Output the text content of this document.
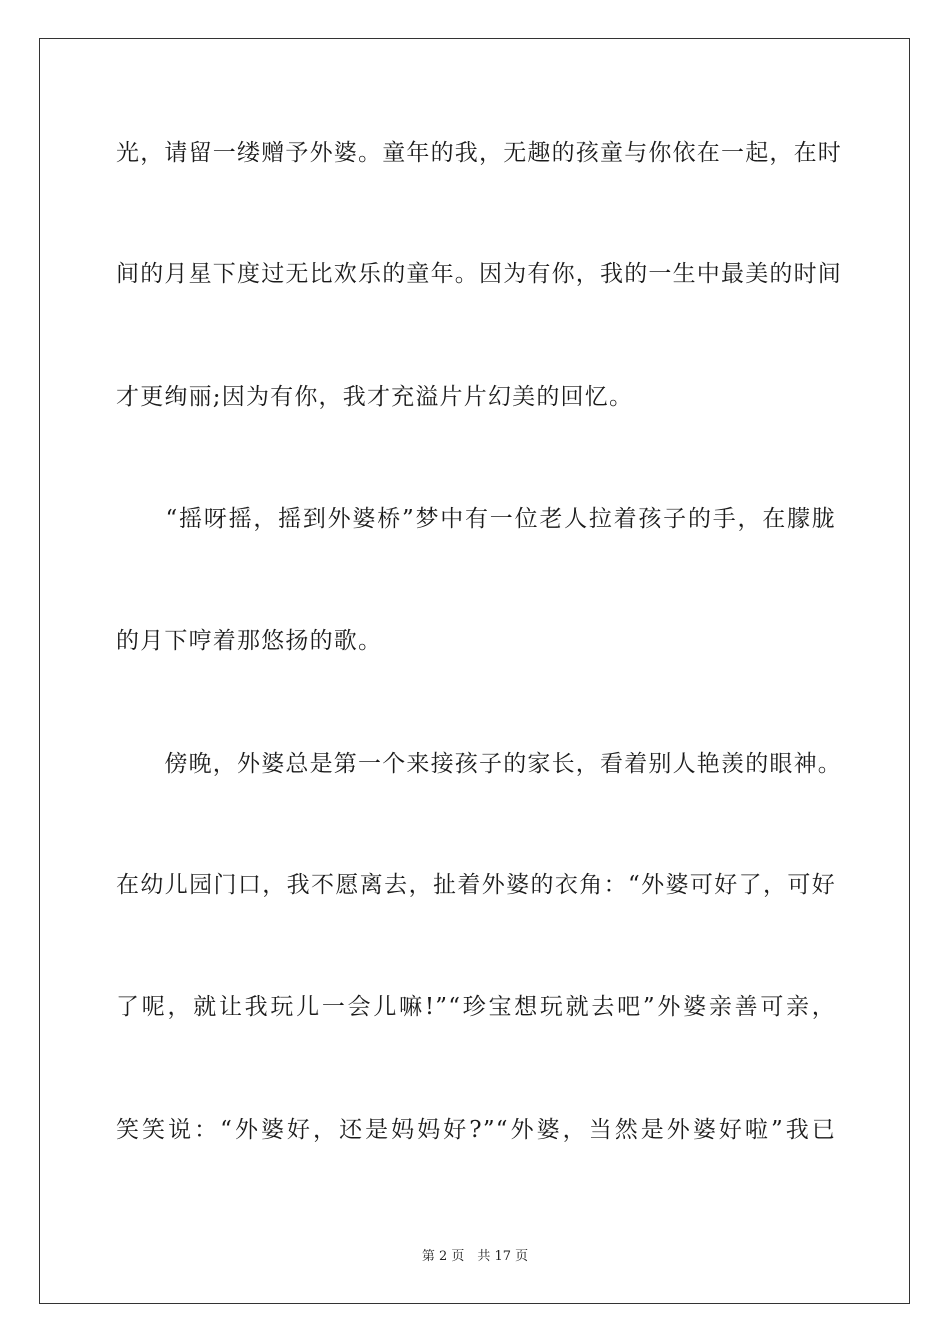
光，请留一缕赠予外婆。童年的我，无趣的孩童与你依在一起，在时
间的月星下度过无比欢乐的童年。因为有你，我的一生中最美的时间
才更绚丽;因为有你，我才充溢片片幻美的回忆。
　　“摇呀摇，摇到外婆桥”梦中有一位老人拉着孩子的手，在朦胧
的月下哼着那悠扬的歌。
　　傍晚，外婆总是第一个来接孩子的家长，看着别人艳羡的眼神。
在幼儿园门口，我不愿离去，扯着外婆的衣角：“外婆可好了，可好
了呢，就让我玩儿一会儿嘛!”“珍宝想玩就去吧”外婆亲善可亲，
笑笑说：“外婆好，还是妈妈好?”“外婆，当然是外婆好啦”我已
第 2 页　共 17 页
